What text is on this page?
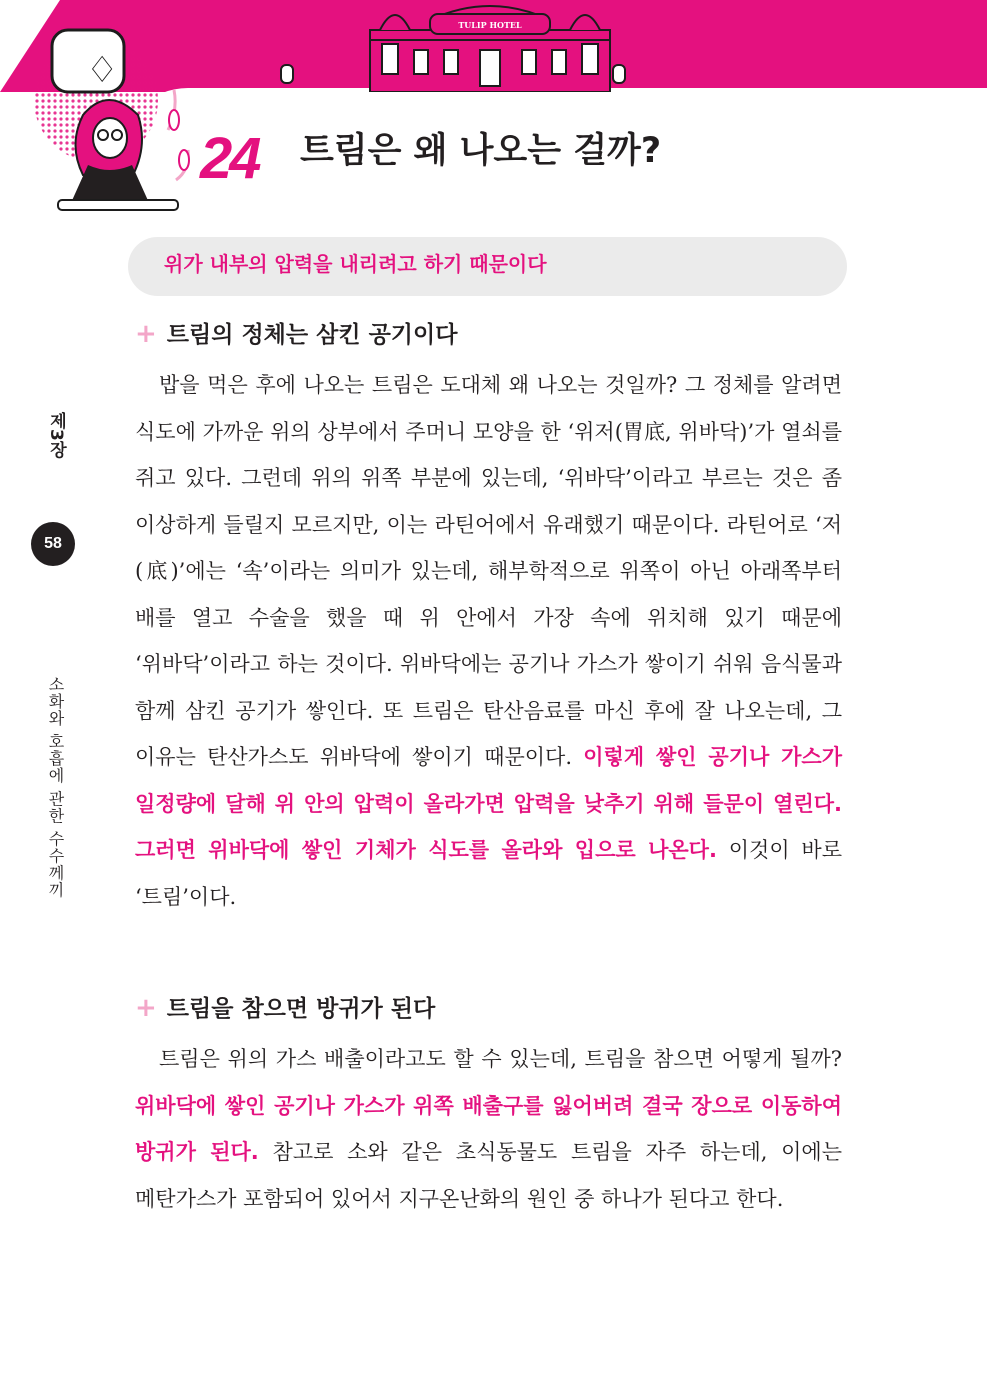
TULIP HOTEL
♢
24 트림은 왜 나오는 걸까?
위가 내부의 압력을 내리려고 하기 때문이다
+ 트림의 정체는 삼킨 공기이다
밥을 먹은 후에 나오는 트림은 도대체 왜 나오는 것일까? 그 정체를 알려면 식도에 가까운 위의 상부에서 주머니 모양을 한 ‘위저(胃底, 위바닥)’가 열쇠를 쥐고 있다. 그런데 위의 위쪽 부분에 있는데, ‘위바닥’이라고 부르는 것은 좀 이상하게 들릴지 모르지만, 이는 라틴어에서 유래했기 때문이다. 라틴어로 ‘저(底)’에는 ‘속’이라는 의미가 있는데, 해부학적으로 위쪽이 아닌 아래쪽부터 배를 열고 수술을 했을 때 위 안에서 가장 속에 위치해 있기 때문에 ‘위바닥’이라고 하는 것이다. 위바닥에는 공기나 가스가 쌓이기 쉬워 음식물과 함께 삼킨 공기가 쌓인다. 또 트림은 탄산음료를 마신 후에 잘 나오는데, 그 이유는 탄산가스도 위바닥에 쌓이기 때문이다. 이렇게 쌓인 공기나 가스가 일정량에 달해 위 안의 압력이 올라가면 압력을 낮추기 위해 들문이 열린다. 그러면 위바닥에 쌓인 기체가 식도를 올라와 입으로 나온다. 이것이 바로 ‘트림’이다.
+ 트림을 참으면 방귀가 된다
트림은 위의 가스 배출이라고도 할 수 있는데, 트림을 참으면 어떻게 될까? 위바닥에 쌓인 공기나 가스가 위쪽 배출구를 잃어버려 결국 장으로 이동하여 방귀가 된다. 참고로 소와 같은 초식동물도 트림을 자주 하는데, 이에는 메탄가스가 포함되어 있어서 지구온난화의 원인 중 하나가 된다고 한다.
제3장
58
소화와 호흡에 관한 수수께끼
